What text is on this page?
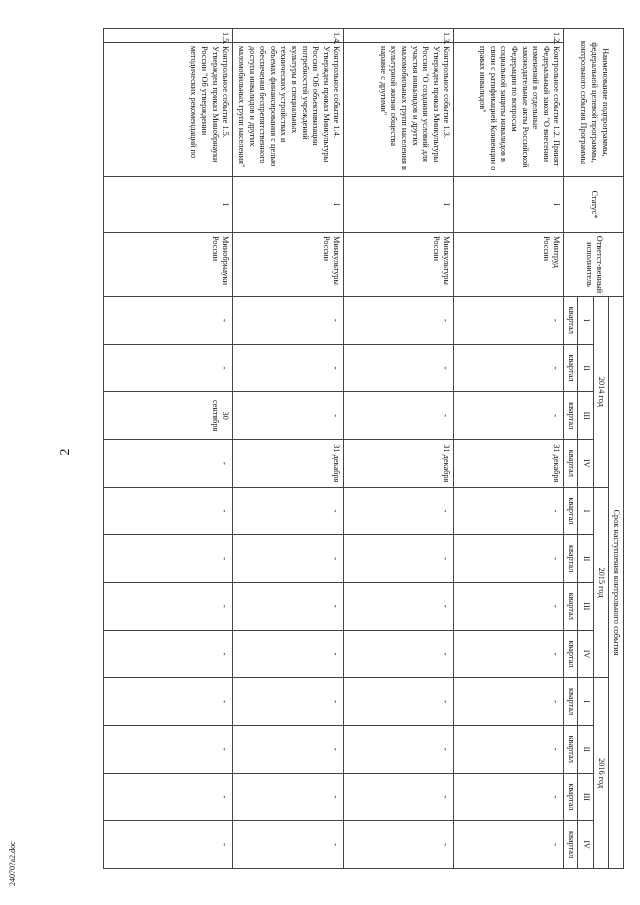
2
24070?a2.doc
Наименование подпрограммы, федеральной целевой программы, контрольного события Программы		Статус*	Ответст-венный исполнитель	Срок наступления контрольного события											
				2014 год				2015 год				2016 год			
				I	II	III	IV	I	II	III	IV	I	II	III	IV
				квартал	квартал	квартал	квартал	квартал	квартал	квартал	квартал	квартал	квартал	квартал	квартал
1.2.	Контрольное событие 1.2. Принят Федеральный закон "О внесении изменений в отдельные законодательные акты Российской Федерации по вопросам социальной защиты инвалидов в связи с ратификацией Конвенции о правах инвалидов"	I	Минтруд России	-	-	-	31 декабря	-	-	-	-	-	-	-	-
1.3.	Контрольное событие 1.3. Утвержден приказ Минкультуры России "О создании условий для участия инвалидов и других маломобильных групп населения в культурной жизни общества наравне с другими"	I	Минкультуры России	-	-	-	31 декабря	-	-	-	-	-	-	-	-
1.4.	Контрольное событие 1.4. Утвержден приказ Минкультуры России "Об объективизации потребностей учреждений культуры в специальных технических устройствах и объемах финансирования с целью обеспечения беспрепятственного доступа инвалидов и других маломобильных групп населения"	I	Минкультуры России	-	-	-	31 декабря	-	-	-	-	-	-	-	-
1.5.	Контрольное событие 1.5. Утвержден приказ Минобрнауки России "Об утверждении методических рекомендаций по	I	Минобрнауки России	-	-	30 сентября	-	-	-	-	-	-	-	-	-
